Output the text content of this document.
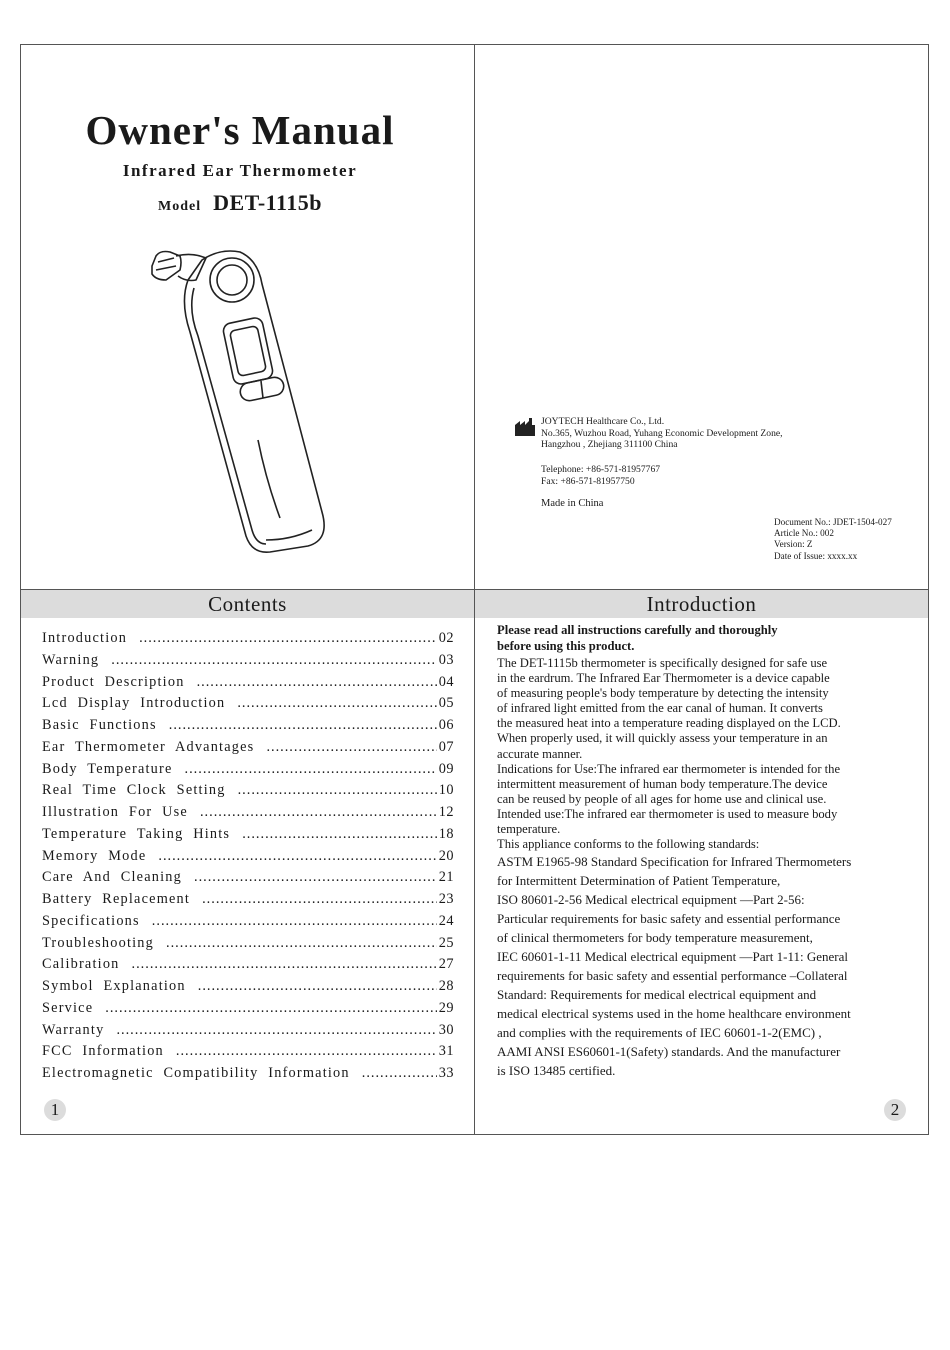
Owner's Manual
Infrared Ear Thermometer
Model DET-1115b
JOYTECH Healthcare Co., Ltd.
No.365, Wuzhou Road, Yuhang Economic Development Zone,
Hangzhou , Zhejiang 311100 China
Telephone: +86-571-81957767
Fax: +86-571-81957750
Made in China
Document No.: JDET-1504-027
Article No.: 002
Version: Z
Date of Issue: xxxx.xx
Contents	Introduction
Introduction .....	02
Warning .....	03
Product Description .....	04
Lcd Display Introduction .....	05
Basic Functions .....	06
Ear Thermometer Advantages .....	07
Body Temperature .....	09
Real Time Clock Setting .....	10
Illustration For Use .....	12
Temperature Taking Hints .....	18
Memory Mode .....	20
Care And Cleaning .....	21
Battery Replacement .....	23
Specifications .....	24
Troubleshooting .....	25
Calibration .....	27
Symbol Explanation .....	28
Service .....	29
Warranty .....	30
FCC Information .....	31
Electromagnetic Compatibility Information .....	33
Please read all instructions carefully and thoroughly
before using this product.
The DET-1115b thermometer is specifically designed for safe use
in the eardrum. The Infrared Ear Thermometer is a device capable
of measuring people's body temperature by detecting the intensity
of infrared light emitted from the ear canal of human. It converts
the measured heat into a temperature reading displayed on the LCD.
When properly used, it will quickly assess your temperature in an
accurate manner.
Indications for Use:The infrared ear thermometer is intended for the
intermittent measurement of human body temperature.The device
can be reused by people of all ages for home use and clinical use.
Intended use:The infrared ear thermometer is used to measure body
temperature.
This appliance conforms to the following standards:
ASTM E1965-98 Standard Specification for Infrared Thermometers
for Intermittent Determination of Patient Temperature,
ISO 80601-2-56 Medical electrical equipment —Part 2-56:
Particular requirements for basic safety and essential performance
of clinical thermometers for body temperature measurement,
IEC 60601-1-11 Medical electrical equipment —Part 1-11: General
requirements for basic safety and essential performance –Collateral
Standard: Requirements for medical electrical equipment and
medical electrical systems used in the home healthcare environment
and complies with the requirements of IEC 60601-1-2(EMC) ,
AAMI ANSI ES60601-1(Safety) standards. And the manufacturer
is ISO 13485 certified.
1	2
